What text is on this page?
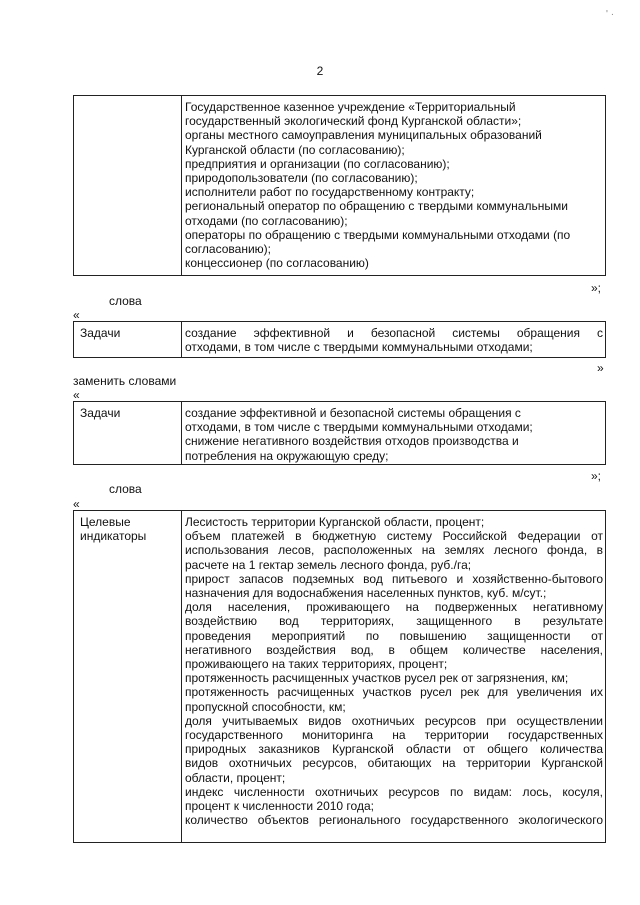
2
' ·
Государственное казенное учреждение «Территориальный
государственный экологический фонд Курганской области»;
органы местного самоуправления муниципальных образований
Курганской области (по согласованию);
предприятия и организации (по согласованию);
природопользователи (по согласованию);
исполнители работ по государственному контракту;
региональный оператор по обращению с твердыми коммунальными
отходами (по согласованию);
операторы по обращению с твердыми коммунальными отходами (по
согласованию);
концессионер (по согласованию)
»;
слова
«
Задачи	создание эффективной и безопасной системы обращения с
отходами, в том числе с твердыми коммунальными отходами;
»
заменить словами
«
Задачи	создание эффективной и безопасной системы обращения с
отходами, в том числе с твердыми коммунальными отходами;
снижение негативного воздействия отходов производства и
потребления на окружающую среду;
»;
слова
«
Целевые
индикаторы
Лесистость территории Курганской области, процент;
объем платежей в бюджетную систему Российской Федерации от
использования лесов, расположенных на землях лесного фонда, в
расчете на 1 гектар земель лесного фонда, руб./га;
прирост запасов подземных вод питьевого и хозяйственно-бытового
назначения для водоснабжения населенных пунктов, куб. м/сут.;
доля населения, проживающего на подверженных негативному
воздействию вод территориях, защищенного в результате
проведения мероприятий по повышению защищенности от
негативного воздействия вод, в общем количестве населения,
проживающего на таких территориях, процент;
протяженность расчищенных участков русел рек от загрязнения, км;
протяженность расчищенных участков русел рек для увеличения их
пропускной способности, км;
доля учитываемых видов охотничьих ресурсов при осуществлении
государственного мониторинга на территории государственных
природных заказников Курганской области от общего количества
видов охотничьих ресурсов, обитающих на территории Курганской
области, процент;
индекс численности охотничьих ресурсов по видам: лось, косуля,
процент к численности 2010 года;
количество объектов регионального государственного экологического
